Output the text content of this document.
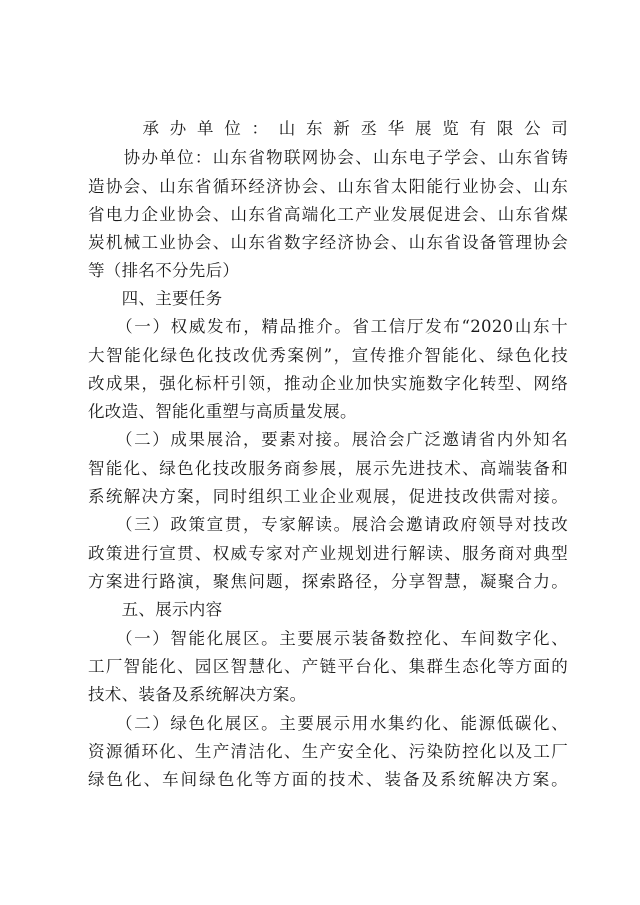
　　承办单位：山东新丞华展览有限公司
　　协办单位：山东省物联网协会、山东电子学会、山东省铸
造协会、山东省循环经济协会、山东省太阳能行业协会、山东
省电力企业协会、山东省高端化工产业发展促进会、山东省煤
炭机械工业协会、山东省数字经济协会、山东省设备管理协会
等（排名不分先后）
　　四、主要任务
　　（一）权威发布，精品推介。省工信厅发布“2020山东十
大智能化绿色化技改优秀案例”，宣传推介智能化、绿色化技
改成果，强化标杆引领，推动企业加快实施数字化转型、网络
化改造、智能化重塑与高质量发展。
　　（二）成果展洽，要素对接。展洽会广泛邀请省内外知名
智能化、绿色化技改服务商参展，展示先进技术、高端装备和
系统解决方案，同时组织工业企业观展，促进技改供需对接。
　　（三）政策宣贯，专家解读。展洽会邀请政府领导对技改
政策进行宣贯、权威专家对产业规划进行解读、服务商对典型
方案进行路演，聚焦问题，探索路径，分享智慧，凝聚合力。
　　五、展示内容
　　（一）智能化展区。主要展示装备数控化、车间数字化、
工厂智能化、园区智慧化、产链平台化、集群生态化等方面的
技术、装备及系统解决方案。
　　（二）绿色化展区。主要展示用水集约化、能源低碳化、
资源循环化、生产清洁化、生产安全化、污染防控化以及工厂
绿色化、车间绿色化等方面的技术、装备及系统解决方案。
